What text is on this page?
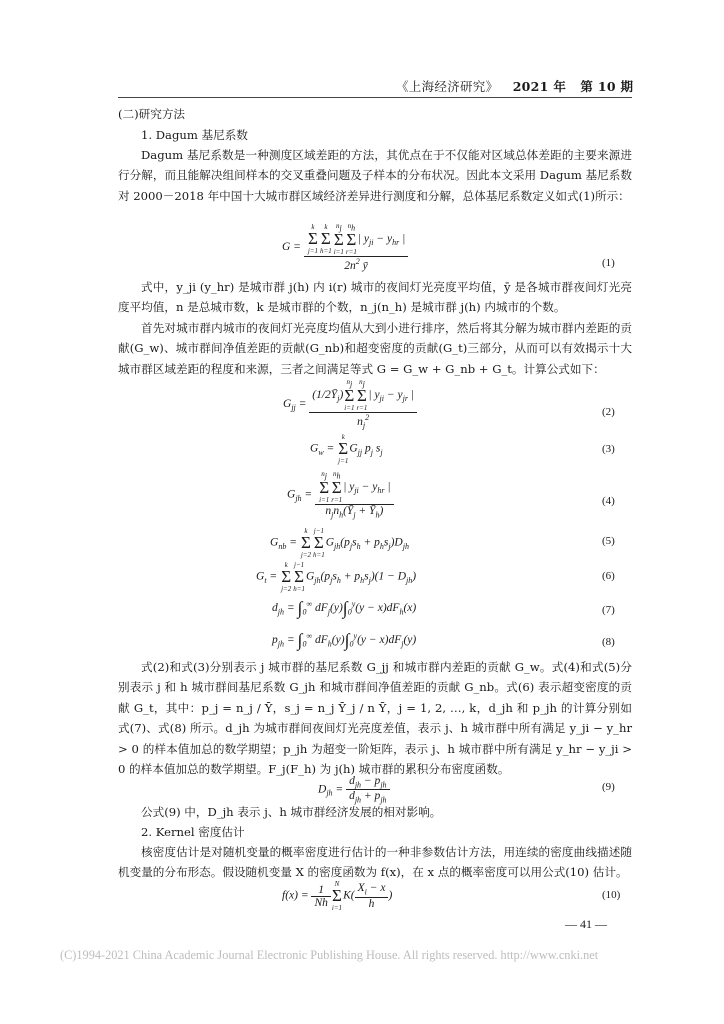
《上海经济研究》 2021 年 第 10 期
(二)研究方法
1. Dagum 基尼系数
Dagum 基尼系数是一种测度区域差距的方法，其优点在于不仅能对区域总体差距的主要来源进行分解，而且能解决组间样本的交叉重叠问题及子样本的分布状况。因此本文采用 Dagum 基尼系数对 2000－2018 年中国十大城市群区域经济差异进行测度和分解，总体基尼系数定义如式(1)所示：
G = k
Σ
j=1k
Σ
$h=1n_j$
Σ
$i=1n_h$
Σ
r=1| $y_{ji} - y_{hr}$ |
$2n^2$ ȳ	(1)
式中，y_ji (y_hr) 是城市群 j(h) 内 i(r) 城市的夜间灯光亮度平均值，ȳ 是各城市群夜间灯光亮度平均值，n 是总城市数，k 是城市群的个数，n_j(n_h) 是城市群 j(h) 内城市的个数。
首先对城市群内城市的夜间灯光亮度均值从大到小进行排序，然后将其分解为城市群内差距的贡献(G_w)、城市群间净值差距的贡献(G_nb)和超变密度的贡献(G_t)三部分，从而可以有效揭示十大城市群区域差距的程度和来源，三者之间满足等式 G = G_w + G_nb + G_t。计算公式如下：
$G_{jj}$ = $(1/2Ȳ_j)n_j$
Σ
$i=1n_j$
Σ
r=1| $y_{ji} - y_{jr}$ |
$n_j^2$	(2)
$G_w = k$
Σ
$j=1G_{jj}$ $p_j$ $s_j$	(3)
$G_{jh} = n_j$
Σ
$i=1n_h$
Σ
r=1| $y_{ji} - y_{hr}$ |
$n_jn_h(Ȳ_j$ + $Ȳ_h$)	(4)
$G_{nb} = k$
Σ
j=2j−1
Σ
$h=1G_{jh}(p_js_h + p_hs_j)D_{jh}$	(5)
$G_t = k$
Σ
j=2j−1
Σ
$h=1G_{jh}(p_js_h + p_hs_j)(1 - D_{jh})$	(6)
$d_{jh} = \int_0^\infty$ $dF_j(y)\int_0^y(y - x)dF_h(x)$	(7)
$p_{jh} = \int_0^\infty$ $dF_h(y)\int_0^y(y - x)dF_j(y)$	(8)
式(2)和式(3)分别表示 j 城市群的基尼系数 G_jj 和城市群内差距的贡献 G_w。式(4)和式(5)分别表示 j 和 h 城市群间基尼系数 G_jh 和城市群间净值差距的贡献 G_nb。式(6) 表示超变密度的贡献 G_t，其中：p_j = n_j / Ȳ，s_j = n_j Ȳ_j / n Ȳ，j = 1, 2, …, k，d_jh 和 p_jh 的计算分别如式(7)、式(8) 所示。d_jh 为城市群间夜间灯光亮度差值，表示 j、h 城市群中所有满足 y_ji − y_hr > 0 的样本值加总的数学期望；p_jh 为超变一阶矩阵，表示 j、h 城市群中所有满足 y_hr − y_ji > 0 的样本值加总的数学期望。F_j(F_h) 为 j(h) 城市群的累积分布密度函数。
$D_{jh} = \frac{d_{jh} - p_{jh}}{d_{jh} + p_{jh}}$	(9)
公式(9) 中，D_jh 表示 j、h 城市群经济发展的相对影响。
2. Kernel 密度估计
核密度估计是对随机变量的概率密度进行估计的一种非参数估计方法，用连续的密度曲线描述随机变量的分布形态。假设随机变量 X 的密度函数为 f(x)，在 x 点的概率密度可以用公式(10) 估计。
$f(x) = \frac{1}{Nh}$ N
Σ
$i=1K( \frac{X_i - x}{h}$ )	(10)
— 41 —
(C)1994-2021 China Academic Journal Electronic Publishing House. All rights reserved. http://www.cnki.net
